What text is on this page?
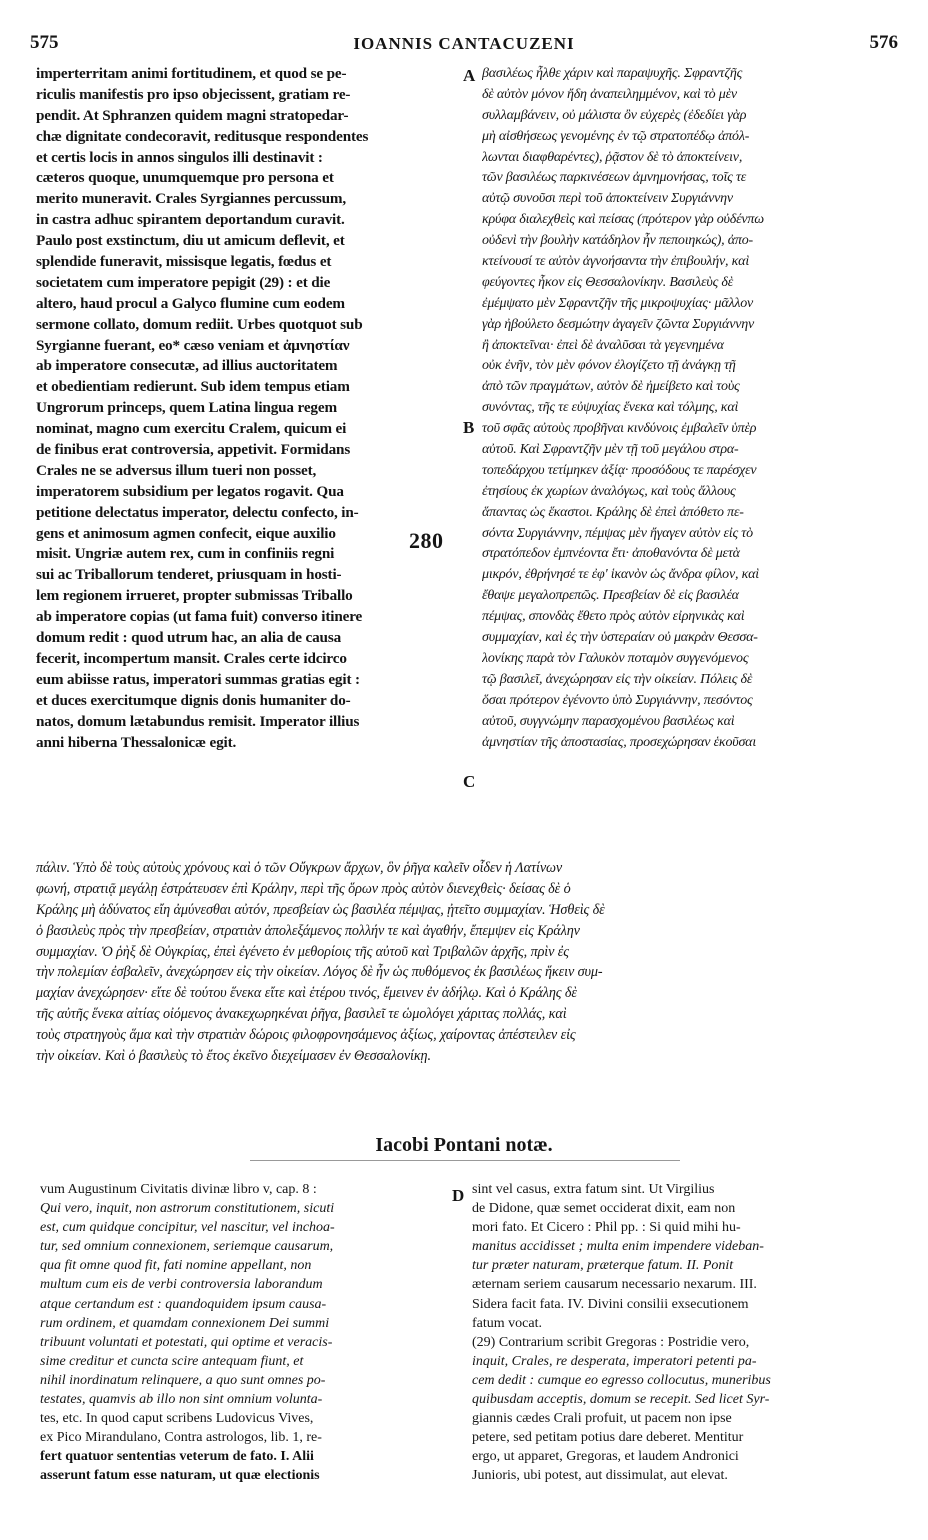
575	IOANNIS CANTACUZENI	576
imperterritam animi fortitudinem, et quod se pe-
riculis manifestis pro ipso objecissent, gratiam re-
pendit. At Sphranzen quidem magni stratopedar-
chæ dignitate condecoravit, reditusque respondentes
et certis locis in annos singulos illi destinavit :
cæteros quoque, unumquemque pro persona et
merito muneravit. Crales Syrgiannes percussum,
in castra adhuc spirantem deportandum curavit.
Paulo post exstinctum, diu ut amicum deflevit, et
splendide funeravit, missisque legatis, fœdus et
societatem cum imperatore pepigit (29) : et die
altero, haud procul a Galyco flumine cum eodem
sermone collato, domum rediit. Urbes quotquot sub
Syrgianne fuerant, eo* cæso veniam et ἀμνηστίαν
ab imperatore consecutæ, ad illius auctoritatem
et obedientiam redierunt. Sub idem tempus etiam
Ungrorum princeps, quem Latina lingua regem
nominat, magno cum exercitu Cralem, quicum ei
de finibus erat controversia, appetivit. Formidans
Crales ne se adversus illum tueri non posset,
imperatorem subsidium per legatos rogavit. Qua
petitione delectatus imperator, delectu confecto, in-
gens et animosum agmen confecit, eique auxilio
misit. Ungriæ autem rex, cum in confiniis regni
sui ac Triballorum tenderet, priusquam in hosti-
lem regionem irrueret, propter submissas Triballo
ab imperatore copias (ut fama fuit) converso itinere
domum redit : quod utrum hac, an alia de causa
fecerit, incompertum mansit. Crales certe idcirco
eum abiisse ratus, imperatori summas gratias egit :
et duces exercitumque dignis donis humaniter do-
natos, domum lætabundus remisit. Imperator illius
anni hiberna Thessalonicæ egit.
βασιλέως ἦλθε χάριν καὶ παραψυχῆς. Σφραντζῆς
δὲ αὐτὸν μόνον ἤδη ἀναπειλημμένον, καὶ τὸ μὲν
συλλαμβάνειν, οὐ μάλιστα ὂν εὐχερὲς (ἐδεδίει γὰρ
μὴ αἰσθήσεως γενομένης ἐν τῷ στρατοπέδῳ ἀπόλ-
λωνται διαφθαρέντες), ῥᾷστον δὲ τὸ ἀποκτείνειν,
τῶν βασιλέως παρκινέσεων ἀμνημονήσας, τοῖς τε
αὐτῷ συνοῦσι περὶ τοῦ ἀποκτείνειν Συργιάννην
κρύφα διαλεχθεὶς καὶ πείσας (πρότερον γὰρ οὐδένπω
οὐδενὶ τὴν βουλὴν κατάδηλον ἦν πεποιηκώς), ἀπο-
κτείνουσί τε αὐτὸν ἀγνοήσαντα τὴν ἐπιβουλήν, καὶ
φεύγοντες ἧκον εἰς Θεσσαλονίκην. Βασιλεὺς δὲ
ἐμέμψατο μὲν Σφραντζῆν τῆς μικροψυχίας· μᾶλλον
γὰρ ἠβούλετο δεσμώτην ἀγαγεῖν ζῶντα Συργιάννην
ἢ ἀποκτεῖναι· ἐπεὶ δὲ ἀναλῦσαι τὰ γεγενημένα
οὐκ ἐνῆν, τὸν μὲν φόνον ἐλογίζετο τῇ ἀνάγκῃ τῇ
ἀπὸ τῶν πραγμάτων, αὐτὸν δὲ ἠμείβετο καὶ τοὺς
συνόντας, τῆς τε εὐψυχίας ἕνεκα καὶ τόλμης, καὶ
τοῦ σφᾶς αὐτοὺς προβῆναι κινδύνοις ἐμβαλεῖν ὑπὲρ
αὐτοῦ. Καὶ Σφραντζῆν μὲν τῇ τοῦ μεγάλου στρα-
τοπεδάρχου τετίμηκεν ἀξίᾳ· προσόδους τε παρέσχεν
ἐτησίους ἐκ χωρίων ἀναλόγως, καὶ τοὺς ἄλλους
ἅπαντας ὡς ἕκαστοι. Κράλης δὲ ἐπεὶ ἀπόθετο πε-
σόντα Συργιάννην, πέμψας μὲν ἤγαγεν αὐτὸν εἰς τὸ
στρατόπεδον ἐμπνέοντα ἔτι· ἀποθανόντα δὲ μετὰ
μικρόν, ἐθρήνησέ τε ἐφ' ἱκανὸν ὡς ἄνδρα φίλον, καὶ
ἔθαψε μεγαλοπρεπῶς. Πρεσβείαν δὲ εἰς βασιλέα
πέμψας, σπονδὰς ἔθετο πρὸς αὐτὸν εἰρηνικὰς καὶ
συμμαχίαν, καὶ ἐς τὴν ὑστεραίαν οὐ μακρὰν Θεσσα-
λονίκης παρὰ τὸν Γαλυκὸν ποταμὸν συγγενόμενος
τῷ βασιλεῖ, ἀνεχώρησαν εἰς τὴν οἰκείαν. Πόλεις δὲ
ὅσαι πρότερον ἐγένοντο ὑπὸ Συργιάννην, πεσόντος
αὐτοῦ, συγγνώμην παρασχομένου βασιλέως καὶ
ἀμνηστίαν τῆς ἀποστασίας, προσεχώρησαν ἑκοῦσαι
A
B
C
D
280
πάλιν. Ὑπὸ δὲ τοὺς αὐτοὺς χρόνους καὶ ὁ τῶν Οὔγκρων ἄρχων, ὃν ῥῆγα καλεῖν οἶδεν ἡ Λατίνων
φωνή, στρατιᾷ μεγάλῃ ἐστράτευσεν ἐπὶ Κράλην, περὶ τῆς ὅρων πρὸς αὐτὸν διενεχθεὶς· δείσας δὲ ὁ
Κράλης μὴ ἀδύνατος εἴη ἀμύνεσθαι αὐτόν, πρεσβείαν ὡς βασιλέα πέμψας, ᾐτεῖτο συμμαχίαν. Ἡσθεὶς δὲ
ὁ βασιλεὺς πρὸς τὴν πρεσβείαν, στρατιὰν ἀπολεξάμενος πολλήν τε καὶ ἀγαθήν, ἔπεμψεν εἰς Κράλην
συμμαχίαν. Ὁ ῥὴξ δὲ Οὐγκρίας, ἐπεὶ ἐγένετο ἐν μεθορίοις τῆς αὐτοῦ καὶ Τριβαλῶν ἀρχῆς, πρὶν ἐς
τὴν πολεμίαν ἐσβαλεῖν, ἀνεχώρησεν εἰς τὴν οἰκείαν. Λόγος δὲ ἦν ὡς πυθόμενος ἐκ βασιλέως ἥκειν συμ-
μαχίαν ἀνεχώρησεν· εἴτε δὲ τούτου ἕνεκα εἴτε καὶ ἑτέρου τινός, ἔμεινεν ἐν ἀδήλῳ. Καὶ ὁ Κράλης δὲ
τῆς αὐτῆς ἕνεκα αἰτίας οἰόμενος ἀνακεχωρηκέναι ῥῆγα, βασιλεῖ τε ὡμολόγει χάριτας πολλάς, καὶ
τοὺς στρατηγοὺς ἅμα καὶ τὴν στρατιὰν δώροις φιλοφρονησάμενος ἀξίως, χαίροντας ἀπέστειλεν εἰς
τὴν οἰκείαν. Καὶ ὁ βασιλεὺς τὸ ἔτος ἐκεῖνο διεχείμασεν ἐν Θεσσαλονίκῃ.
Iacobi Pontani notæ.
vum Augustinum Civitatis divinæ libro v, cap. 8 :
Qui vero, inquit, non astrorum constitutionem, sicuti
est, cum quidque concipitur, vel nascitur, vel inchoa-
tur, sed omnium connexionem, seriemque causarum,
qua fit omne quod fit, fati nomine appellant, non
multum cum eis de verbi controversia laborandum
atque certandum est : quandoquidem ipsum causa-
rum ordinem, et quamdam connexionem Dei summi
tribuunt voluntati et potestati, qui optime et veracis-
sime creditur et cuncta scire antequam fiunt, et
nihil inordinatum relinquere, a quo sunt omnes po-
testates, quamvis ab illo non sint omnium volunta-
tes, etc. In quod caput scribens Ludovicus Vives,
ex Pico Mirandulano, Contra astrologos, lib. 1, re-
fert quatuor sententias veterum de fato. I. Alii
asserunt fatum esse naturam, ut quæ electionis
sint vel casus, extra fatum sint. Ut Virgilius
de Didone, quæ semet occiderat dixit, eam non
mori fato. Et Cicero : Phil pp. : Si quid mihi hu-
manitus accidisset ; multa enim impendere videban-
tur præter naturam, præterque fatum. II. Ponit
æternam seriem causarum necessario nexarum. III.
Sidera facit fata. IV. Divini consilii exsecutionem
fatum vocat.
(29) Contrarium scribit Gregoras : Postridie vero,
inquit, Crales, re desperata, imperatori petenti pa-
cem dedit : cumque eo egresso collocutus, muneribus
quibusdam acceptis, domum se recepit. Sed licet Syr-
giannis cædes Crali profuit, ut pacem non ipse
petere, sed petitam potius dare deberet. Mentitur
ergo, ut apparet, Gregoras, et laudem Andronici
Junioris, ubi potest, aut dissimulat, aut elevat.
